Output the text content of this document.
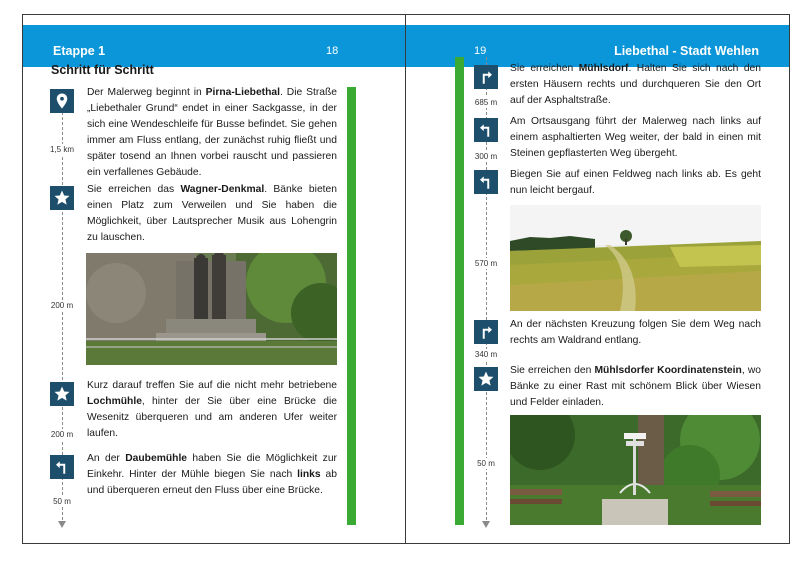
Etappe 1	18
Schritt für Schritt
1,5 km
200 m
200 m
50 m

Der Malerweg beginnt in Pirna-Liebethal. Die Straße „Liebethaler Grund“ endet in einer Sackgasse, in der sich eine Wendeschleife für Busse befindet. Sie gehen immer am Fluss entlang, der zunächst ruhig fließt und später tosend an Ihnen vorbei rauscht und passieren ein verfallenes Gebäude.

Sie erreichen das Wagner-Denkmal. Bänke bieten einen Platz zum Verweilen und Sie haben die Möglichkeit, über Lautsprecher Musik aus Lohengrin zu lauschen.

Kurz darauf treffen Sie auf die nicht mehr betriebene Lochmühle, hinter der Sie über eine Brücke die Wesenitz überqueren und am anderen Ufer weiter laufen.

An der Daubemühle haben Sie die Möglichkeit zur Einkehr. Hinter der Mühle biegen Sie nach links ab und überqueren erneut den Fluss über eine Brücke.

19	Liebethal - Stadt Wehlen
685 m
300 m
570 m
340 m
50 m

Sie erreichen Mühlsdorf. Halten Sie sich nach den ersten Häusern rechts und durchqueren Sie den Ort auf der Asphaltstraße.

Am Ortsausgang führt der Malerweg nach links auf einem asphaltierten Weg weiter, der bald in einen mit Steinen gepflasterten Weg übergeht.

Biegen Sie auf einen Feldweg nach links ab. Es geht nun leicht bergauf.

An der nächsten Kreuzung folgen Sie dem Weg nach rechts am Waldrand entlang.

Sie erreichen den Mühlsdorfer Koordinatenstein, wo Bänke zu einer Rast mit schönem Blick über Wiesen und Felder einladen.
